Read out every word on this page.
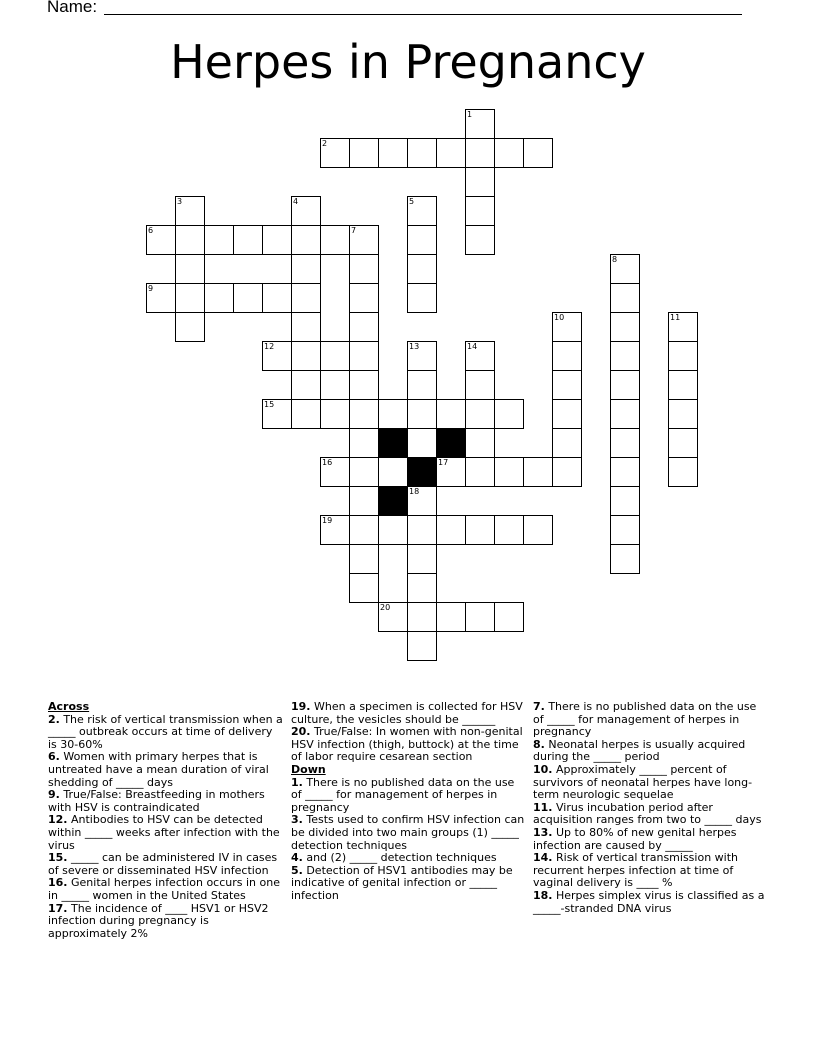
Name:
Herpes in Pregnancy
1
2
3	4	5
6	7
8
9
10	11
12	13
18
14
15
16	17
19
20
Across
2. The risk of vertical transmission when a _____ outbreak occurs at time of delivery is 30-60%
6. Women with primary herpes that is untreated have a mean duration of viral shedding of _____ days
9. True/False: Breastfeeding in mothers with HSV is contraindicated
12. Antibodies to HSV can be detected within _____ weeks after infection with the virus
15. _____ can be administered IV in cases of severe or disseminated HSV infection
16. Genital herpes infection occurs in one in _____ women in the United States
17. The incidence of ____ HSV1 or HSV2 infection during pregnancy is approximately 2%
19. When a specimen is collected for HSV culture, the vesicles should be ______
20. True/False: In women with non-genital HSV infection (thigh, buttock) at the time of labor require cesarean section
Down
1. There is no published data on the use of _____ for management of herpes in pregnancy
3. Tests used to confirm HSV infection can be divided into two main groups (1) _____ detection techniques
4. and (2) _____ detection techniques
5. Detection of HSV1 antibodies may be indicative of genital infection or _____ infection
7. There is no published data on the use of _____ for management of herpes in pregnancy
8. Neonatal herpes is usually acquired during the _____ period
10. Approximately _____ percent of survivors of neonatal herpes have long-term neurologic sequelae
11. Virus incubation period after acquisition ranges from two to _____ days
13. Up to 80% of new genital herpes infection are caused by _____
14. Risk of vertical transmission with recurrent herpes infection at time of vaginal delivery is ____ %
18. Herpes simplex virus is classified as a _____-stranded DNA virus
